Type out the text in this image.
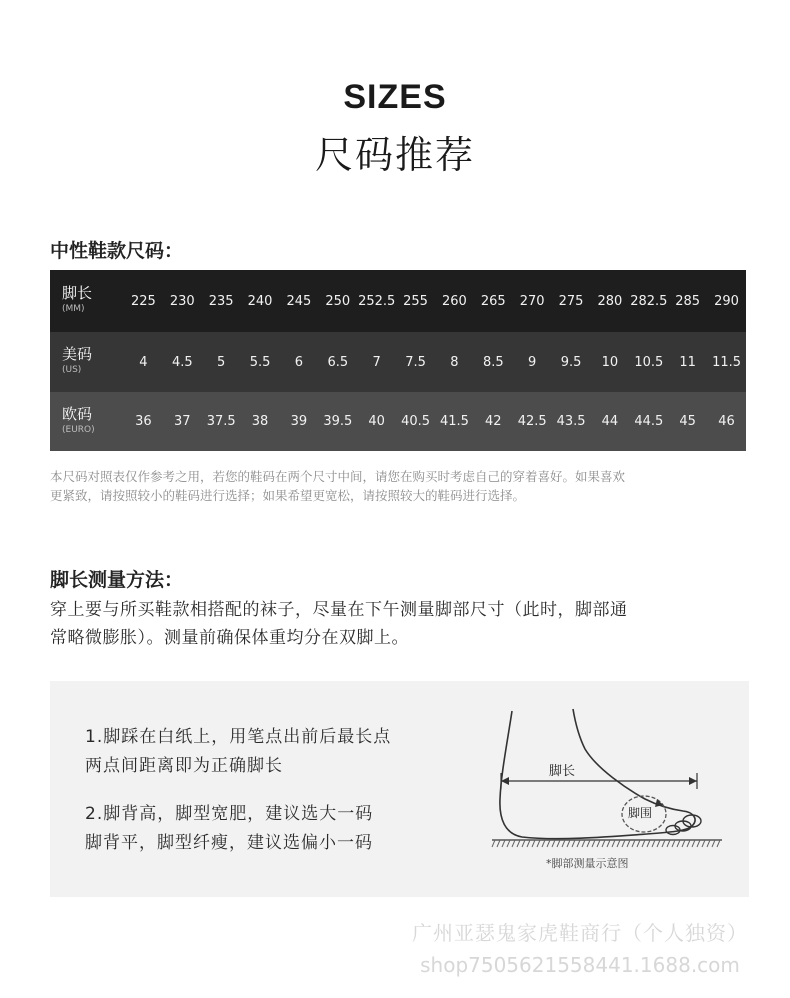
SIZES
尺码推荐
中性鞋款尺码：
脚长
(MM)	225	230	235	240	245	250	252.5	255	260	265	270	275	280	282.5	285	290

美码
(US)	4	4.5	5	5.5	6	6.5	7	7.5	8	8.5	9	9.5	10	10.5	11	11.5

欧码
(EURO)	36	37	37.5	38	39	39.5	40	40.5	41.5	42	42.5	43.5	44	44.5	45	46
本尺码对照表仅作参考之用，若您的鞋码在两个尺寸中间，请您在购买时考虑自己的穿着喜好。如果喜欢
更紧致，请按照较小的鞋码进行选择；如果希望更宽松，请按照较大的鞋码进行选择。
脚长测量方法：
穿上要与所买鞋款相搭配的袜子，尽量在下午测量脚部尺寸（此时，脚部通
常略微膨胀）。测量前确保体重均分在双脚上。
1.脚踩在白纸上，用笔点出前后最长点
两点间距离即为正确脚长
2.脚背高，脚型宽肥，建议选大一码
脚背平，脚型纤瘦，建议选偏小一码
脚长
脚围
*脚部测量示意图
广州亚瑟鬼家虎鞋商行（个人独资）
shop7505621558441.1688.com
